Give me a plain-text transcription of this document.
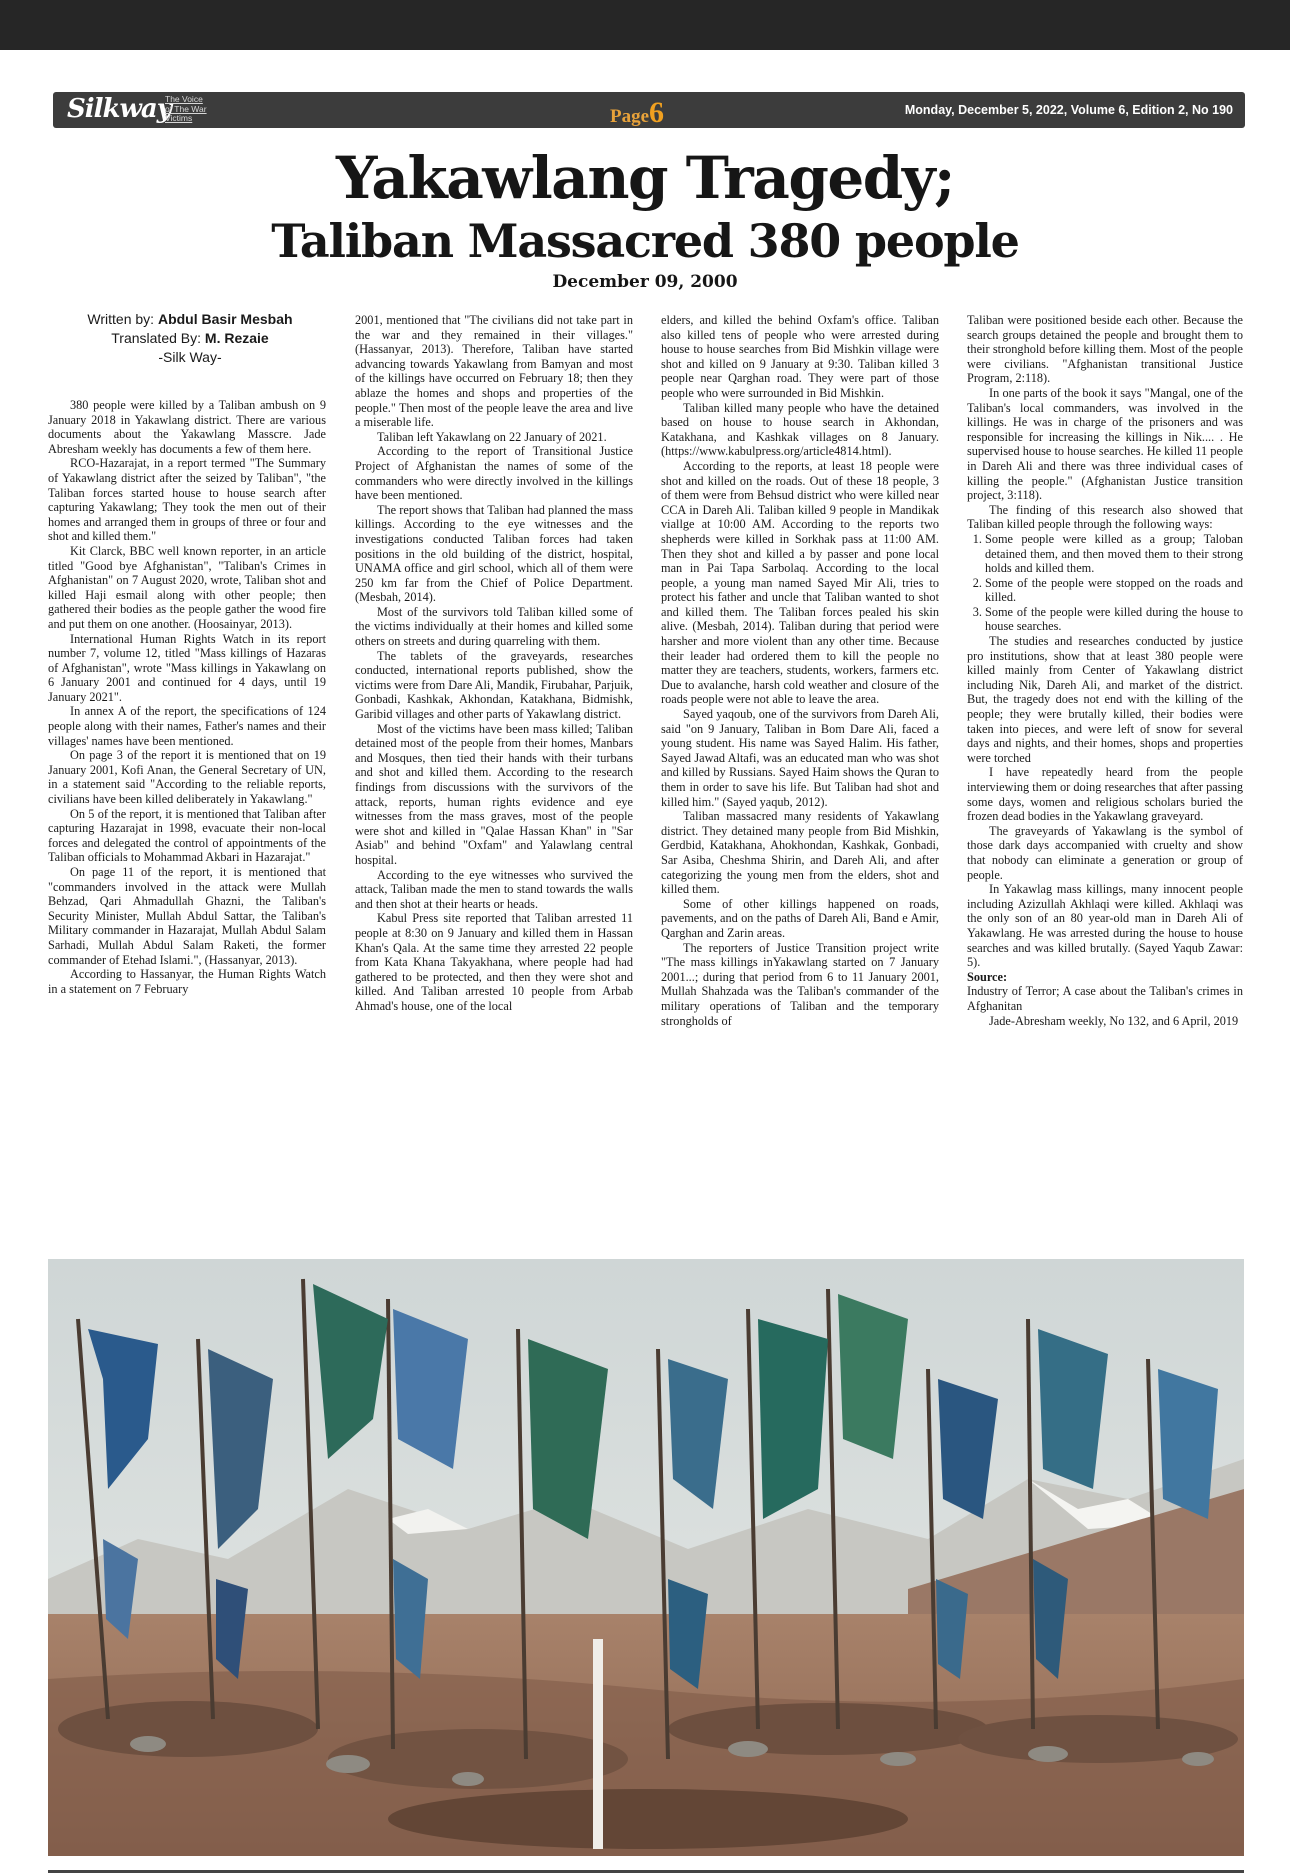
Silkway
The Voice
of The War
Victims	Page6	Monday, December 5, 2022, Volume 6, Edition 2, No 190
Yakawlang Tragedy;
Taliban Massacred 380 people
December 09, 2000
Written by: Abdul Basir Mesbah
Translated By: M. Rezaie
-Silk Way-

380 people were killed by a Taliban ambush on 9 January 2018 in Yakawlang district. There are various documents about the Yakawlang Masscre. Jade Abresham weekly has documents a few of them here.

RCO-Hazarajat, in a report termed "The Summary of Yakawlang district after the seized by Taliban", "the Taliban forces started house to house search after capturing Yakawlang; They took the men out of their homes and arranged them in groups of three or four and shot and killed them."

Kit Clarck, BBC well known reporter, in an article titled "Good bye Afghanistan", "Taliban's Crimes in Afghanistan" on 7 August 2020, wrote, Taliban shot and killed Haji esmail along with other people; then gathered their bodies as the people gather the wood fire and put them on one another. (Hoosainyar, 2013).

International Human Rights Watch in its report number 7, volume 12, titled "Mass killings of Hazaras of Afghanistan", wrote "Mass killings in Yakawlang on 6 January 2001 and continued for 4 days, until 19 January 2021".

In annex A of the report, the specifications of 124 people along with their names, Father's names and their villages' names have been mentioned.

On page 3 of the report it is mentioned that on 19 January 2001, Kofi Anan, the General Secretary of UN, in a statement said "According to the reliable reports, civilians have been killed deliberately in Yakawlang."

On 5 of the report, it is mentioned that Taliban after capturing Hazarajat in 1998, evacuate their non-local forces and delegated the control of appointments of the Taliban officials to Mohammad Akbari in Hazarajat."

On page 11 of the report, it is mentioned that "commanders involved in the attack were Mullah Behzad, Qari Ahmadullah Ghazni, the Taliban's Security Minister, Mullah Abdul Sattar, the Taliban's Military commander in Hazarajat, Mullah Abdul Salam Sarhadi, Mullah Abdul Salam Raketi, the former commander of Etehad Islami.", (Hassanyar, 2013).

According to Hassanyar, the Human Rights Watch in a statement on 7 February

2001, mentioned that "The civilians did not take part in the war and they remained in their villages." (Hassanyar, 2013). Therefore, Taliban have started advancing towards Yakawlang from Bamyan and most of the killings have occurred on February 18; then they ablaze the homes and shops and properties of the people." Then most of the people leave the area and live a miserable life.

Taliban left Yakawlang on 22 January of 2021.

According to the report of Transitional Justice Project of Afghanistan the names of some of the commanders who were directly involved in the killings have been mentioned.

The report shows that Taliban had planned the mass killings. According to the eye witnesses and the investigations conducted Taliban forces had taken positions in the old building of the district, hospital, UNAMA office and girl school, which all of them were 250 km far from the Chief of Police Department. (Mesbah, 2014).

Most of the survivors told Taliban killed some of the victims individually at their homes and killed some others on streets and during quarreling with them.

The tablets of the graveyards, researches conducted, international reports published, show the victims were from Dare Ali, Mandik, Firubahar, Parjuik, Gonbadi, Kashkak, Akhondan, Katakhana, Bidmishk, Garibid villages and other parts of Yakawlang district.

Most of the victims have been mass killed; Taliban detained most of the people from their homes, Manbars and Mosques, then tied their hands with their turbans and shot and killed them. According to the research findings from discussions with the survivors of the attack, reports, human rights evidence and eye witnesses from the mass graves, most of the people were shot and killed in "Qalae Hassan Khan" in "Sar Asiab" and behind "Oxfam" and Yalawlang central hospital.

According to the eye witnesses who survived the attack, Taliban made the men to stand towards the walls and then shot at their hearts or heads.

Kabul Press site reported that Taliban arrested 11 people at 8:30 on 9 January and killed them in Hassan Khan's Qala. At the same time they arrested 22 people from Kata Khana Takyakhana, where people had had gathered to be protected, and then they were shot and killed. And Taliban arrested 10 people from Arbab Ahmad's house, one of the local

elders, and killed the behind Oxfam's office. Taliban also killed tens of people who were arrested during house to house searches from Bid Mishkin village were shot and killed on 9 January at 9:30. Taliban killed 3 people near Qarghan road. They were part of those people who were surrounded in Bid Mishkin.

Taliban killed many people who have the detained based on house to house search in Akhondan, Katakhana, and Kashkak villages on 8 January. (https://www.kabulpress.org/article4814.html).

According to the reports, at least 18 people were shot and killed on the roads. Out of these 18 people, 3 of them were from Behsud district who were killed near CCA in Dareh Ali. Taliban killed 9 people in Mandikak viallge at 10:00 AM. According to the reports two shepherds were killed in Sorkhak pass at 11:00 AM. Then they shot and killed a by passer and pone local man in Pai Tapa Sarbolaq. According to the local people, a young man named Sayed Mir Ali, tries to protect his father and uncle that Taliban wanted to shot and killed them. The Taliban forces pealed his skin alive. (Mesbah, 2014). Taliban during that period were harsher and more violent than any other time. Because their leader had ordered them to kill the people no matter they are teachers, students, workers, farmers etc. Due to avalanche, harsh cold weather and closure of the roads people were not able to leave the area.

Sayed yaqoub, one of the survivors from Dareh Ali, said "on 9 January, Taliban in Bom Dare Ali, faced a young student. His name was Sayed Halim. His father, Sayed Jawad Altafi, was an educated man who was shot and killed by Russians. Sayed Haim shows the Quran to them in order to save his life. But Taliban had shot and killed him." (Sayed yaqub, 2012).

Taliban massacred many residents of Yakawlang district. They detained many people from Bid Mishkin, Gerdbid, Katakhana, Ahokhondan, Kashkak, Gonbadi, Sar Asiba, Cheshma Shirin, and Dareh Ali, and after categorizing the young men from the elders, shot and killed them.

Some of other killings happened on roads, pavements, and on the paths of Dareh Ali, Band e Amir, Qarghan and Zarin areas.

The reporters of Justice Transition project write "The mass killings inYakawlang started on 7 January 2001...; during that period from 6 to 11 January 2001, Mullah Shahzada was the Taliban's commander of the military operations of Taliban and the temporary strongholds of

Taliban were positioned beside each other. Because the search groups detained the people and brought them to their stronghold before killing them. Most of the people were civilians. "Afghanistan transitional Justice Program, 2:118).

In one parts of the book it says "Mangal, one of the Taliban's local commanders, was involved in the killings. He was in charge of the prisoners and was responsible for increasing the killings in Nik.... . He supervised house to house searches. He killed 11 people in Dareh Ali and there was three individual cases of killing the people." (Afghanistan Justice transition project, 3:118).

The finding of this research also showed that Taliban killed people through the following ways:

1. Some people were killed as a group; Taloban detained them, and then moved them to their strong holds and killed them.
2. Some of the people were stopped on the roads and killed.
3. Some of the people were killed during the house to house searches.

The studies and researches conducted by justice pro institutions, show that at least 380 people were killed mainly from Center of Yakawlang district including Nik, Dareh Ali, and market of the district. But, the tragedy does not end with the killing of the people; they were brutally killed, their bodies were taken into pieces, and were left of snow for several days and nights, and their homes, shops and properties were torched

I have repeatedly heard from the people interviewing them or doing researches that after passing some days, women and religious scholars buried the frozen dead bodies in the Yakawlang graveyard.

The graveyards of Yakawlang is the symbol of those dark days accompanied with cruelty and show that nobody can eliminate a generation or group of people.

In Yakawlag mass killings, many innocent people including Azizullah Akhlaqi were killed. Akhlaqi was the only son of an 80 year-old man in Dareh Ali of Yakawlang. He was arrested during the house to house searches and was killed brutally. (Sayed Yaqub Zawar: 5).

Source:

Industry of Terror; A case about the Taliban's crimes in Afghanitan

Jade-Abresham weekly, No 132, and 6 April, 2019
